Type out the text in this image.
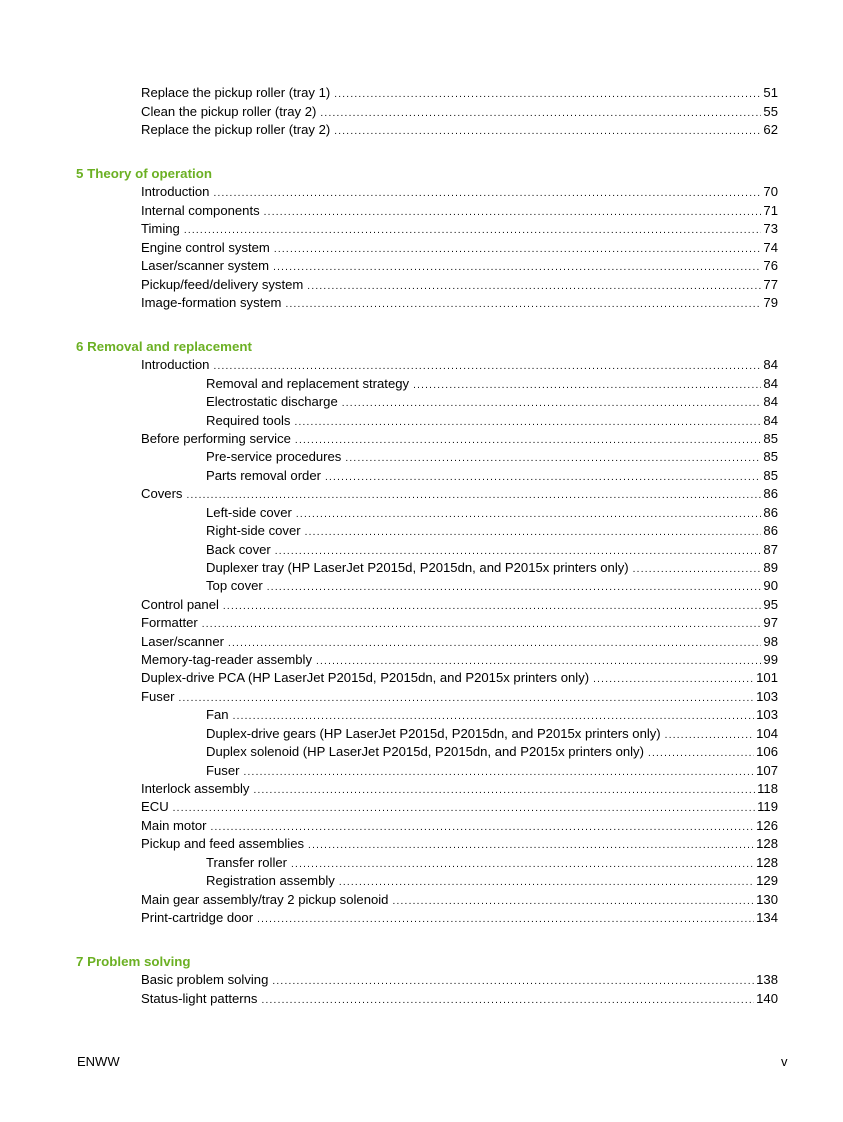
Replace the pickup roller (tray 1) .....	51
Clean the pickup roller (tray 2) .....	55
Replace the pickup roller (tray 2) .....	62
5 Theory of operation
Introduction .....	70
Internal components .....	71
Timing .....	73
Engine control system .....	74
Laser/scanner system .....	76
Pickup/feed/delivery system .....	77
Image-formation system .....	79
6 Removal and replacement
Introduction .....	84
Removal and replacement strategy .....	84
Electrostatic discharge .....	84
Required tools .....	84
Before performing service .....	85
Pre-service procedures .....	85
Parts removal order .....	85
Covers .....	86
Left-side cover .....	86
Right-side cover .....	86
Back cover .....	87
Duplexer tray (HP LaserJet P2015d, P2015dn, and P2015x printers only) .....	89
Top cover .....	90
Control panel .....	95
Formatter .....	97
Laser/scanner .....	98
Memory-tag-reader assembly .....	99
Duplex-drive PCA (HP LaserJet P2015d, P2015dn, and P2015x printers only) .....	101
Fuser .....	103
Fan .....	103
Duplex-drive gears (HP LaserJet P2015d, P2015dn, and P2015x printers only) .....	104
Duplex solenoid (HP LaserJet P2015d, P2015dn, and P2015x printers only) .....	106
Fuser .....	107
Interlock assembly .....	118
ECU .....	119
Main motor .....	126
Pickup and feed assemblies .....	128
Transfer roller .....	128
Registration assembly .....	129
Main gear assembly/tray 2 pickup solenoid .....	130
Print-cartridge door .....	134
7 Problem solving
Basic problem solving .....	138
Status-light patterns .....	140
ENWW	v
